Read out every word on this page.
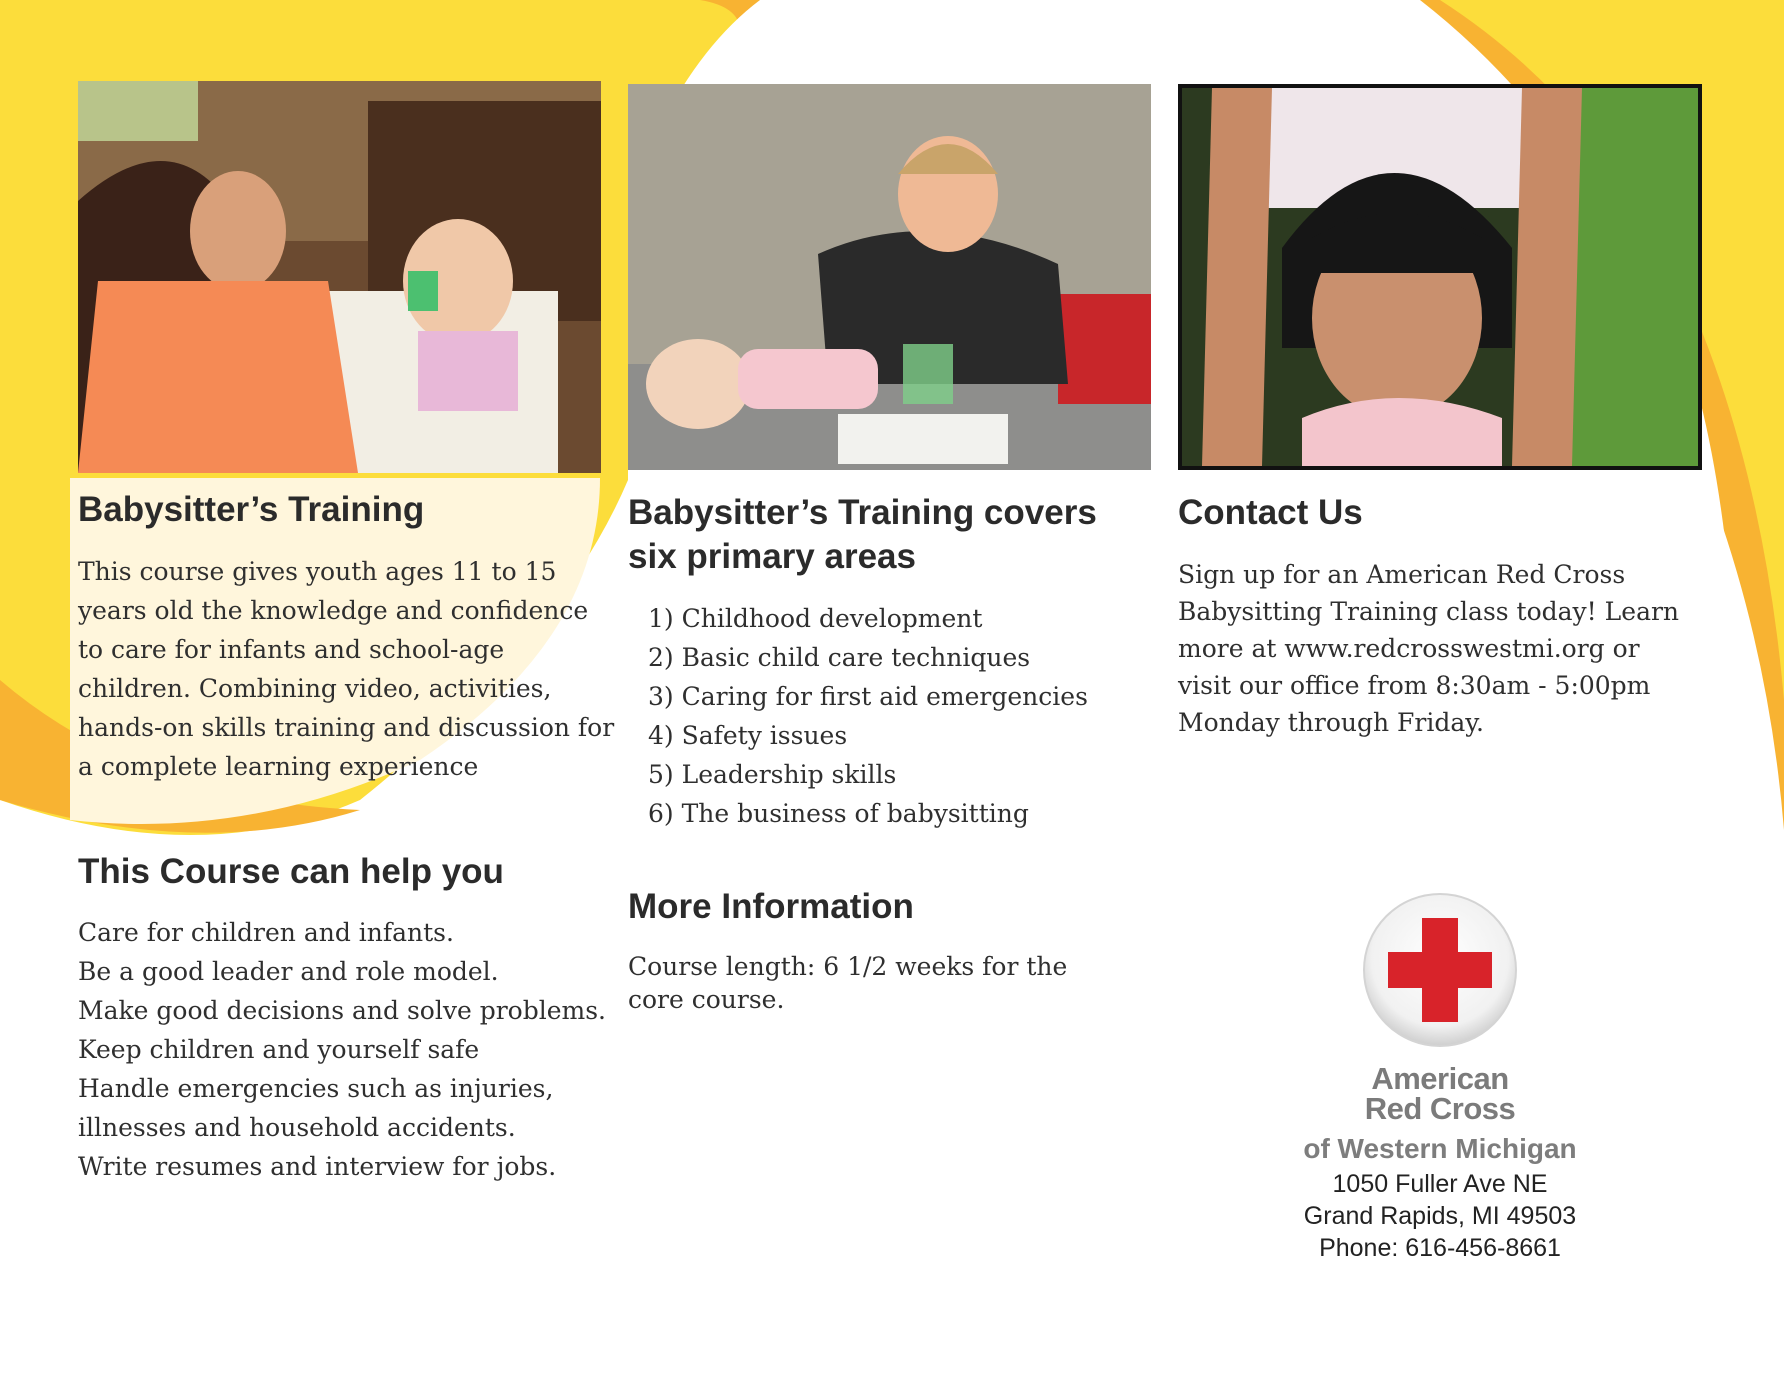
Babysitter’s Training

This course gives youth ages 11 to 15 years old the knowledge and confidence to care for infants and school-age children. Combining video, activities, hands-on skills training and discussion for a complete learning experience

This Course can help you
Care for children and infants.
Be a good leader and role model.
Make good decisions and solve problems.
Keep children and yourself safe
Handle emergencies such as injuries, illnesses and household accidents.
Write resumes and interview for jobs.
Babysitter’s Training covers six primary areas
1) Childhood development
2) Basic child care techniques
3) Caring for first aid emergencies
4) Safety issues
5) Leadership skills
6) The business of babysitting
More Information

Course length: 6 1/2 weeks for the core course.

Contact Us

Sign up for an American Red Cross Babysitting Training class today! Learn more at www.redcrosswestmi.org or visit our office from 8:30am - 5:00pm Monday through Friday.

American
Red Cross
of Western Michigan
1050 Fuller Ave NE
Grand Rapids, MI 49503
Phone: 616-456-8661
